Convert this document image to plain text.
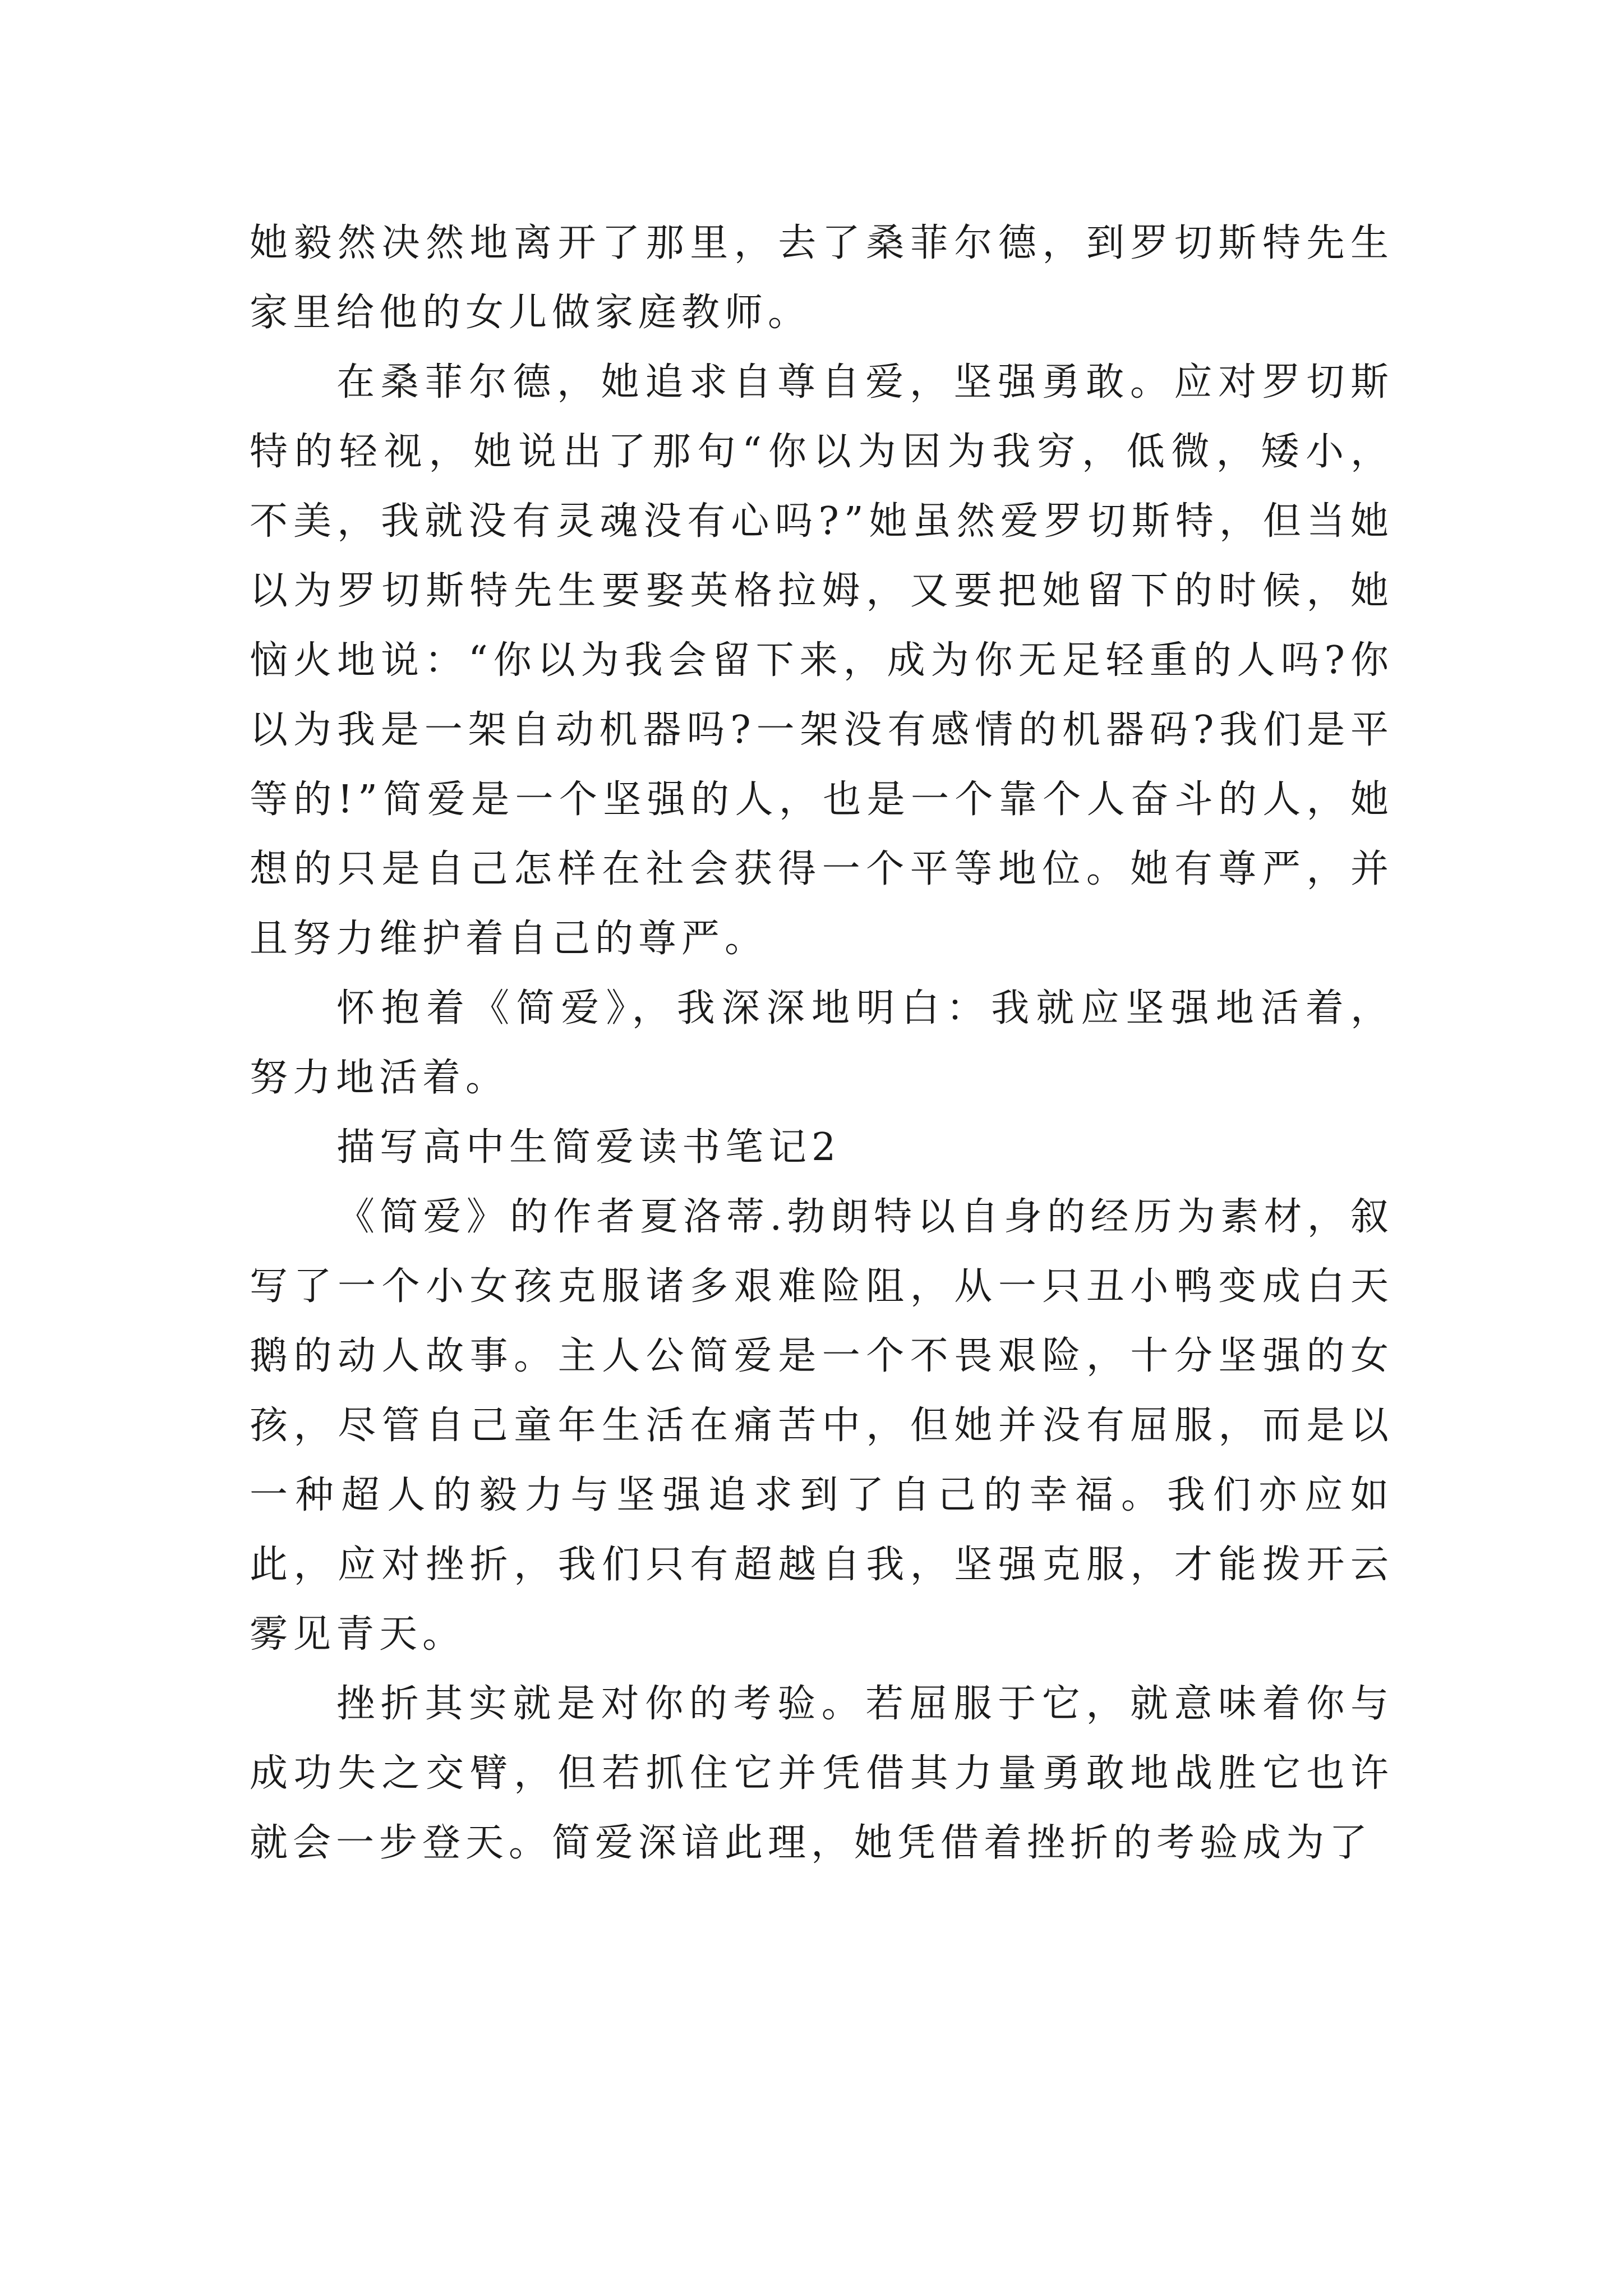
她毅然决然地离开了那里，去了桑菲尔德，到罗切斯特先生家里给他的女儿做家庭教师。

在桑菲尔德，她追求自尊自爱，坚强勇敢。应对罗切斯特的轻视，她说出了那句“你以为因为我穷，低微，矮小，不美，我就没有灵魂没有心吗?”她虽然爱罗切斯特，但当她以为罗切斯特先生要娶英格拉姆，又要把她留下的时候，她恼火地说：“你以为我会留下来，成为你无足轻重的人吗?你以为我是一架自动机器吗?一架没有感情的机器码?我们是平等的!”简爱是一个坚强的人，也是一个靠个人奋斗的人，她想的只是自己怎样在社会获得一个平等地位。她有尊严，并且努力维护着自己的尊严。

怀抱着《简爱》，我深深地明白：我就应坚强地活着，努力地活着。

描写高中生简爱读书笔记2

《简爱》的作者夏洛蒂.勃朗特以自身的经历为素材，叙写了一个小女孩克服诸多艰难险阻，从一只丑小鸭变成白天鹅的动人故事。主人公简爱是一个不畏艰险，十分坚强的女孩，尽管自己童年生活在痛苦中，但她并没有屈服，而是以一种超人的毅力与坚强追求到了自己的幸福。我们亦应如此，应对挫折，我们只有超越自我，坚强克服，才能拨开云雾见青天。

挫折其实就是对你的考验。若屈服于它，就意味着你与成功失之交臂，但若抓住它并凭借其力量勇敢地战胜它也许就会一步登天。简爱深谙此理，她凭借着挫折的考验成为了
